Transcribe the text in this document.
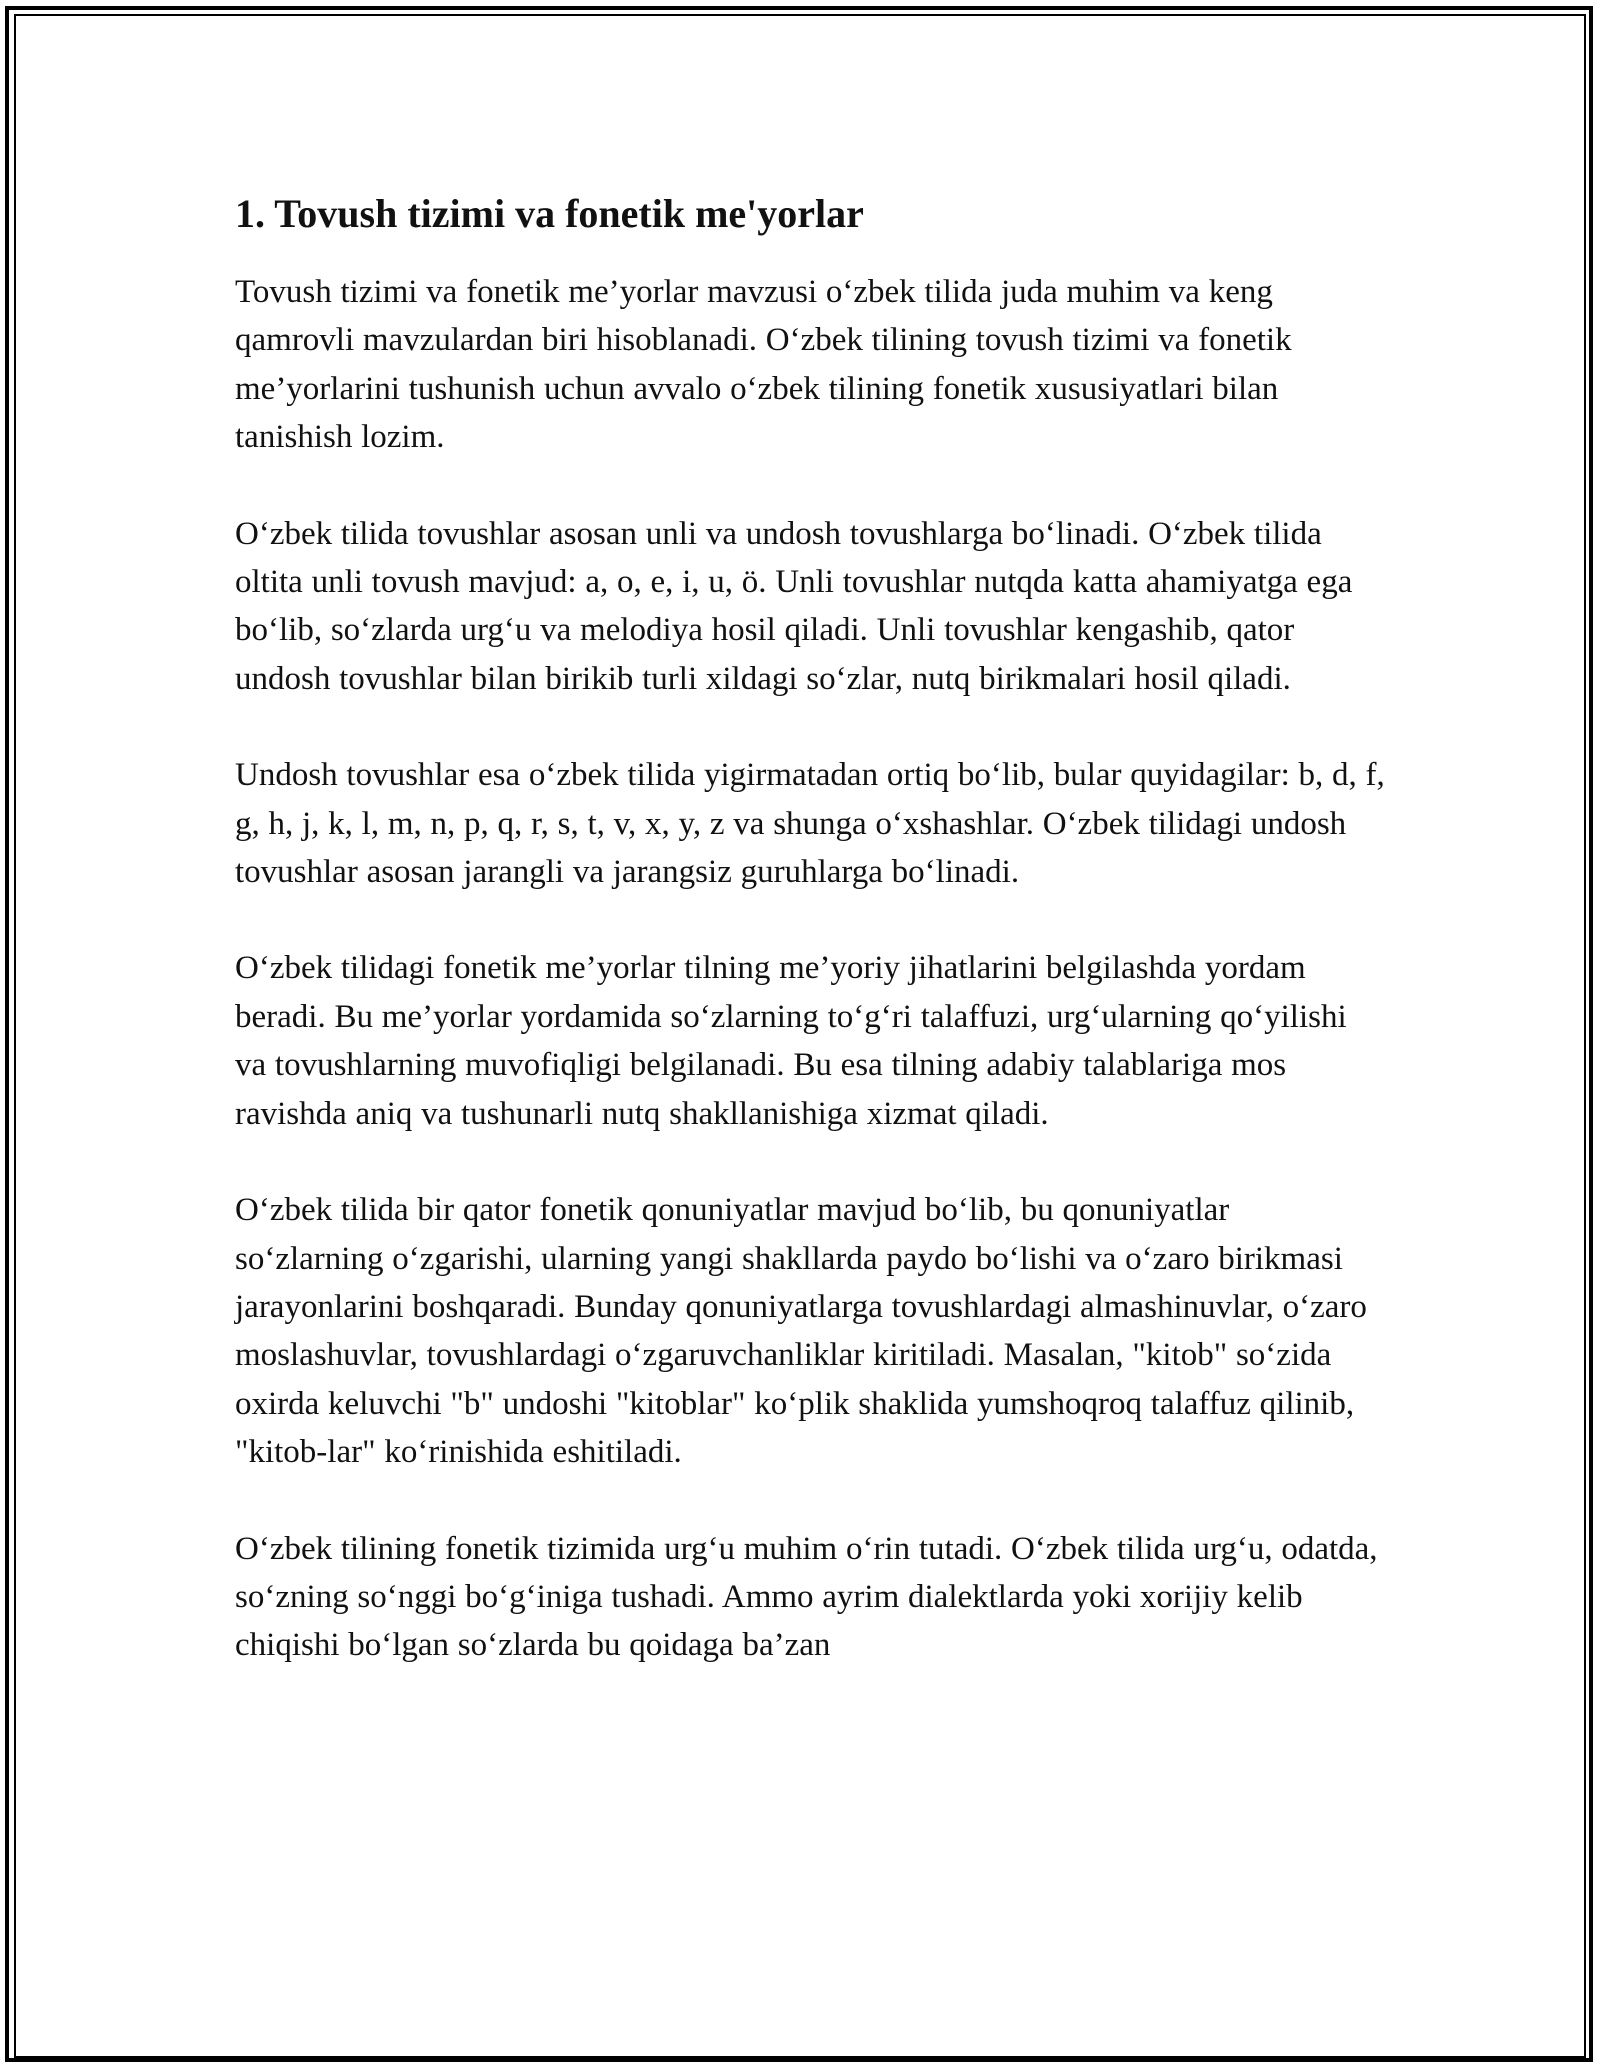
1. Tovush tizimi va fonetik me'yorlar

Tovush tizimi va fonetik me’yorlar mavzusi o‘zbek tilida juda muhim va keng qamrovli mavzulardan biri hisoblanadi. O‘zbek tilining tovush tizimi va fonetik me’yorlarini tushunish uchun avvalo o‘zbek tilining fonetik xususiyatlari bilan tanishish lozim.

O‘zbek tilida tovushlar asosan unli va undosh tovushlarga bo‘linadi. O‘zbek tilida oltita unli tovush mavjud: a, o, e, i, u, ö. Unli tovushlar nutqda katta ahamiyatga ega bo‘lib, so‘zlarda urg‘u va melodiya hosil qiladi. Unli tovushlar kengashib, qator undosh tovushlar bilan birikib turli xildagi so‘zlar, nutq birikmalari hosil qiladi.

Undosh tovushlar esa o‘zbek tilida yigirmatadan ortiq bo‘lib, bular quyidagilar: b, d, f, g, h, j, k, l, m, n, p, q, r, s, t, v, x, y, z va shunga o‘xshashlar. O‘zbek tilidagi undosh tovushlar asosan jarangli va jarangsiz guruhlarga bo‘linadi.

O‘zbek tilidagi fonetik me’yorlar tilning me’yoriy jihatlarini belgilashda yordam beradi. Bu me’yorlar yordamida so‘zlarning to‘g‘ri talaffuzi, urg‘ularning qo‘yilishi va tovushlarning muvofiqligi belgilanadi. Bu esa tilning adabiy talablariga mos ravishda aniq va tushunarli nutq shakllanishiga xizmat qiladi.

O‘zbek tilida bir qator fonetik qonuniyatlar mavjud bo‘lib, bu qonuniyatlar so‘zlarning o‘zgarishi, ularning yangi shakllarda paydo bo‘lishi va o‘zaro birikmasi jarayonlarini boshqaradi. Bunday qonuniyatlarga tovushlardagi almashinuvlar, o‘zaro moslashuvlar, tovushlardagi o‘zgaruvchanliklar kiritiladi. Masalan, "kitob" so‘zida oxirda keluvchi "b" undoshi "kitoblar" ko‘plik shaklida yumshoqroq talaffuz qilinib, "kitob-lar" ko‘rinishida eshitiladi.

O‘zbek tilining fonetik tizimida urg‘u muhim o‘rin tutadi. O‘zbek tilida urg‘u, odatda, so‘zning so‘nggi bo‘g‘iniga tushadi. Ammo ayrim dialektlarda yoki xorijiy kelib chiqishi bo‘lgan so‘zlarda bu qoidaga ba’zan
